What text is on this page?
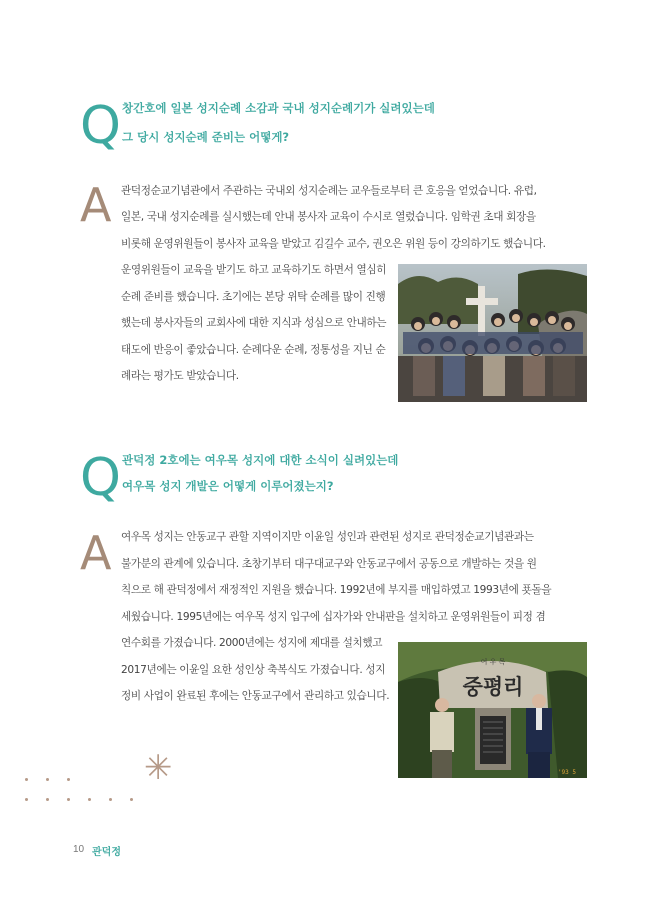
Q 창간호에 일본 성지순례 소감과 국내 성지순례기가 실려있는데
그 당시 성지순례 준비는 어떻게?
A 관덕정순교기념관에서 주관하는 국내외 성지순례는 교우들로부터 큰 호응을 얻었습니다. 유럽,
일본, 국내 성지순례를 실시했는데 안내 봉사자 교육이 수시로 열렸습니다. 임학권 초대 회장을
비롯해 운영위원들이 봉사자 교육을 받았고 김길수 교수, 권오은 위원 등이 강의하기도 했습니다.
운영위원들이 교육을 받기도 하고 교육하기도 하면서 열심히
순례 준비를 했습니다. 초기에는 본당 위탁 순례를 많이 진행
했는데 봉사자들의 교회사에 대한 지식과 성심으로 안내하는
태도에 반응이 좋았습니다. 순례다운 순례, 정통성을 지닌 순
례라는 평가도 받았습니다.
Q 관덕정 2호에는 여우목 성지에 대한 소식이 실려있는데
여우목 성지 개발은 어떻게 이루어졌는지?
A 여우목 성지는 안동교구 관할 지역이지만 이윤일 성인과 관련된 성지로 관덕정순교기념관과는
불가분의 관계에 있습니다. 초창기부터 대구대교구와 안동교구에서 공동으로 개발하는 것을 원
칙으로 해 관덕정에서 재정적인 지원을 했습니다. 1992년에 부지를 매입하였고 1993년에 푯돌을
세웠습니다. 1995년에는 여우목 성지 입구에 십자가와 안내판을 설치하고 운영위원들이 피정 겸
연수회를 가졌습니다. 2000년에는 성지에 제대를 설치했고
2017년에는 이윤일 요한 성인상 축복식도 가졌습니다. 성지
정비 사업이 완료된 후에는 안동교구에서 관리하고 있습니다.
여 우 목
중평리
'93 5
✳
10 관덕정
